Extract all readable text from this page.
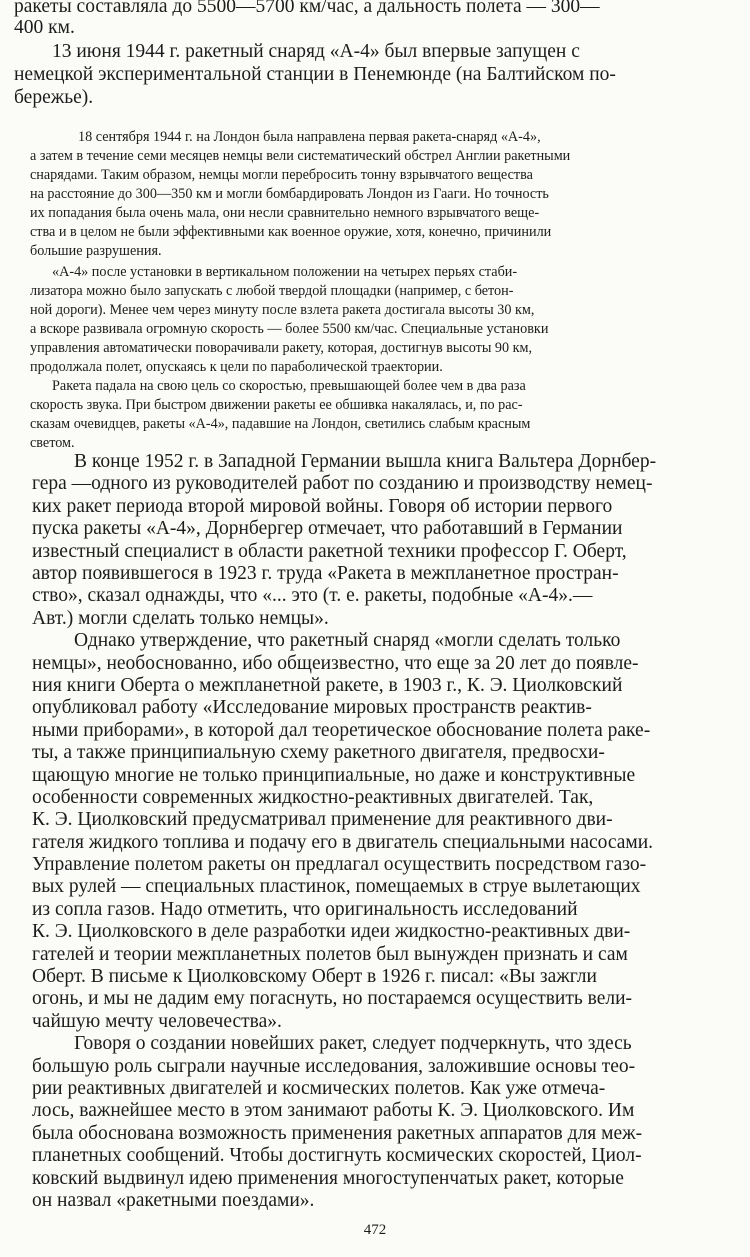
ракеты составляла до 5500—5700 км/час, а дальность полета — 300—

400 км.

13 июня 1944 г. ракетный снаряд «А-4» был впервые запущен с

немецкой экспериментальной станции в Пенемюнде (на Балтийском по-

бережье).

18 сентября 1944 г. на Лондон была направлена первая ракета-снаряд «А-4»,

а затем в течение семи месяцев немцы вели систематический обстрел Англии ракетными

снарядами. Таким образом, немцы могли перебросить тонну взрывчатого вещества

на расстояние до 300—350 км и могли бомбардировать Лондон из Гааги. Но точность

их попадания была очень мала, они несли сравнительно немного взрывчатого веще-

ства и в целом не были эффективными как военное оружие, хотя, конечно, причинили

большие разрушения.

«А-4» после установки в вертикальном положении на четырех перьях стаби-

лизатора можно было запускать с любой твердой площадки (например, с бетон-

ной дороги). Менее чем через минуту после взлета ракета достигала высоты 30 км,

а вскоре развивала огромную скорость — более 5500 км/час. Специальные установки

управления автоматически поворачивали ракету, которая, достигнув высоты 90 км,

продолжала полет, опускаясь к цели по параболической траектории.

Ракета падала на свою цель со скоростью, превышающей более чем в два раза

скорость звука. При быстром движении ракеты ее обшивка накалялась, и, по рас-

сказам очевидцев, ракеты «А-4», падавшие на Лондон, светились слабым красным

светом.

В конце 1952 г. в Западной Германии вышла книга Вальтера Дорнбер-

гера —одного из руководителей работ по созданию и производству немец-

ких ракет периода второй мировой войны. Говоря об истории первого

пуска ракеты «А-4», Дорнбергер отмечает, что работавший в Германии

известный специалист в области ракетной техники профессор Г. Оберт,

автор появившегося в 1923 г. труда «Ракета в межпланетное простран-

ство», сказал однажды, что «... это (т. е. ракеты, подобные «А-4».—

Авт.) могли сделать только немцы».

Однако утверждение, что ракетный снаряд «могли сделать только

немцы», необоснованно, ибо общеизвестно, что еще за 20 лет до появле-

ния книги Оберта о межпланетной ракете, в 1903 г., К. Э. Циолковский

опубликовал работу «Исследование мировых пространств реактив-

ными приборами», в которой дал теоретическое обоснование полета раке-

ты, а также принципиальную схему ракетного двигателя, предвосхи-

щающую многие не только принципиальные, но даже и конструктивные

особенности современных жидкостно-реактивных двигателей. Так,

К. Э. Циолковский предусматривал применение для реактивного дви-

гателя жидкого топлива и подачу его в двигатель специальными насосами.

Управление полетом ракеты он предлагал осуществить посредством газо-

вых рулей — специальных пластинок, помещаемых в струе вылетающих

из сопла газов. Надо отметить, что оригинальность исследований

К. Э. Циолковского в деле разработки идеи жидкостно-реактивных дви-

гателей и теории межпланетных полетов был вынужден признать и сам

Оберт. В письме к Циолковскому Оберт в 1926 г. писал: «Вы зажгли

огонь, и мы не дадим ему погаснуть, но постараемся осуществить вели-

чайшую мечту человечества».

Говоря о создании новейших ракет, следует подчеркнуть, что здесь

большую роль сыграли научные исследования, заложившие основы тео-

рии реактивных двигателей и космических полетов. Как уже отмеча-

лось, важнейшее место в этом занимают работы К. Э. Циолковского. Им

была обоснована возможность применения ракетных аппаратов для меж-

планетных сообщений. Чтобы достигнуть космических скоростей, Циол-

ковский выдвинул идею применения многоступенчатых ракет, которые

он назвал «ракетными поездами».

472
